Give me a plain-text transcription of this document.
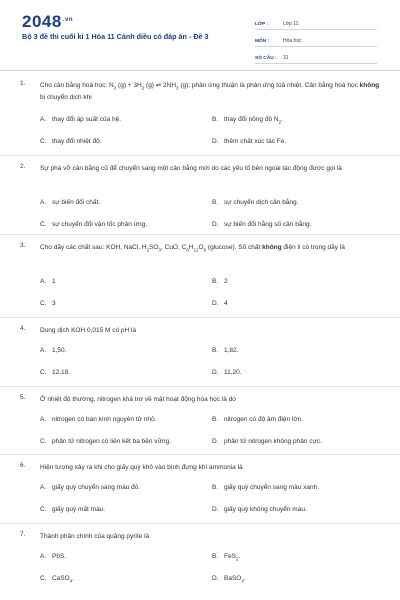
$2048^{.vn}$
Bộ 3 đề thi cuối kì 1 Hóa 11 Cánh diều có đáp án - Đề 3
LỚP :	Lớp 11
MÔN :	Hóa học
SỐ CÂU :	31
1. Cho cân bằng hoá học: $N_2$ $(g) + 3H_2$ (g) ⇌ $2NH_3$ (g); phản ứng thuận là phản ứng toả nhiệt. Cân bằng hoá học không bị chuyển dịch khi
A. thay đổi áp suất của hệ.	B. thay đổi nồng độ $N_2$.
C. thay đổi nhiệt độ.	D. thêm chất xúc tác Fe.
2. Sự phá vỡ cân bằng cũ để chuyển sang một cân bằng mới do các yếu tố bên ngoài tác động được gọi là
A. sự biến đổi chất.	B. sự chuyển dịch cân bằng.
C. sự chuyển đổi vận tốc phản ứng.	D. sự biến đổi hằng số cân bằng.
3. Cho dãy các chất sau: KOH, NaCl, $H_2SO_3$, CuO, $C_6H_{12}O_6$ (glucose). Số chất không điện li có trong dãy là
A. 1	B. 2
C. 3	D. 4
4. Dung dịch KOH 0,015 M có pH là
A. 1,50.	B. 1,82.
C. 12,18.	D. 11,20.
5. Ở nhiệt độ thường, nitrogen khá trơ về mặt hoạt động hóa học là do
A. nitrogen có bán kính nguyên tử nhỏ.	B. nitrogen có độ âm điện lớn.
C. phân tử nitrogen có liên kết ba bền vững.	D. phân tử nitrogen không phân cực.
6. Hiện tượng xảy ra khi cho giấy quỳ khô vào bình đựng khí ammonia là
A. giấy quỳ chuyển sang màu đỏ.	B. giấy quỳ chuyển sang màu xanh.
C. giấy quỳ mất màu.	D. giấy quỳ không chuyển màu.
7. Thành phần chính của quặng pyrite là
A. PbS.	B. FeS$_2$.
C. CaSO$_4$.	D. BaSO$_4$.
